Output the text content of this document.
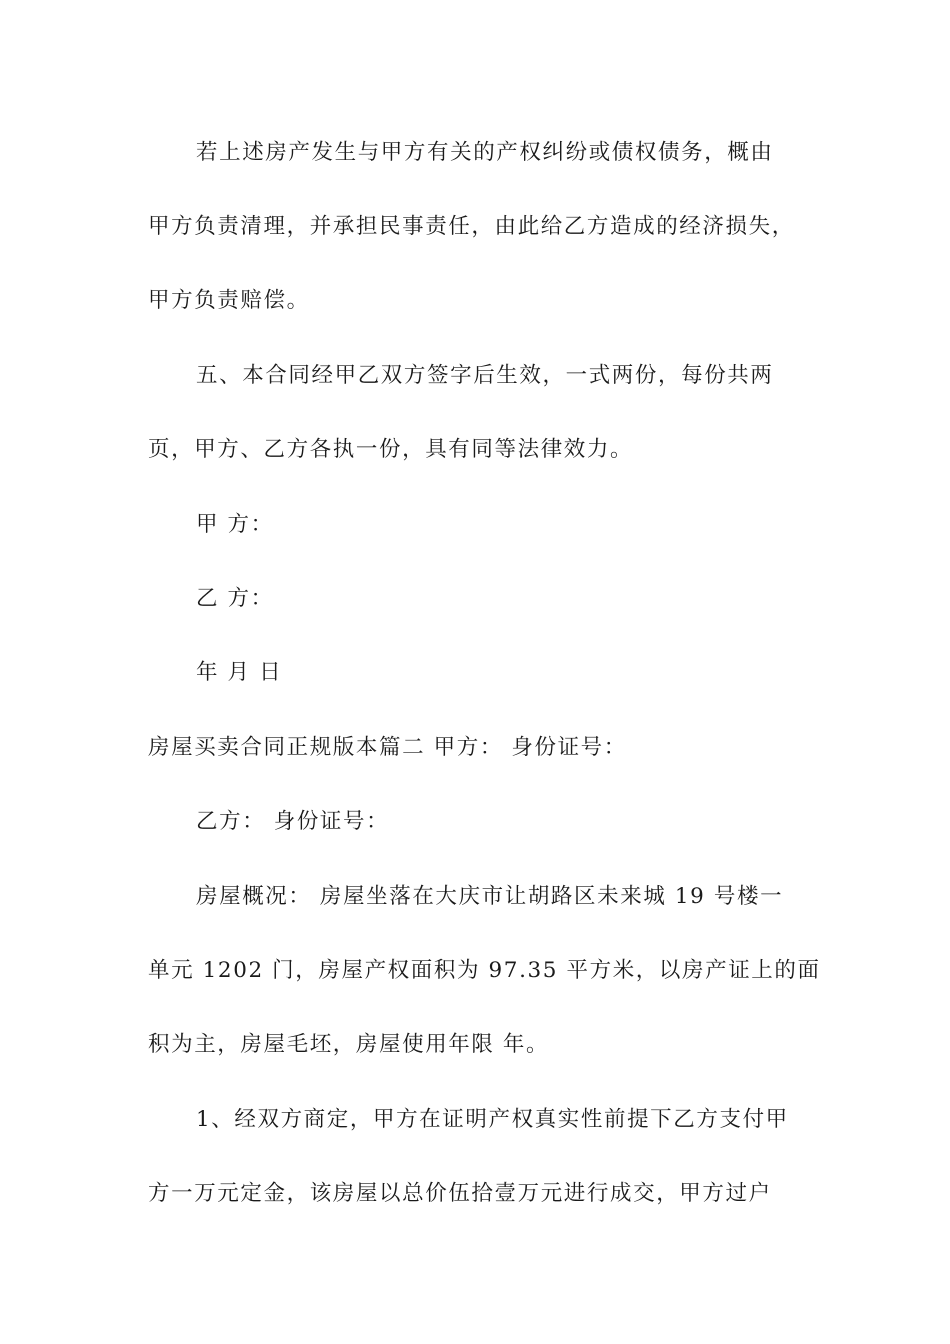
若上述房产发生与甲方有关的产权纠纷或债权债务，概由
甲方负责清理，并承担民事责任，由此给乙方造成的经济损失，
甲方负责赔偿。
五、本合同经甲乙双方签字后生效，一式两份，每份共两
页，甲方、乙方各执一份，具有同等法律效力。
甲 方：
乙 方：
年 月 日
房屋买卖合同正规版本篇二 甲方： 身份证号：
乙方： 身份证号：
房屋概况： 房屋坐落在大庆市让胡路区未来城 19 号楼一
单元 1202 门，房屋产权面积为 97.35 平方米，以房产证上的面
积为主，房屋毛坯，房屋使用年限 年。
1、经双方商定，甲方在证明产权真实性前提下乙方支付甲
方一万元定金，该房屋以总价伍拾壹万元进行成交，甲方过户
